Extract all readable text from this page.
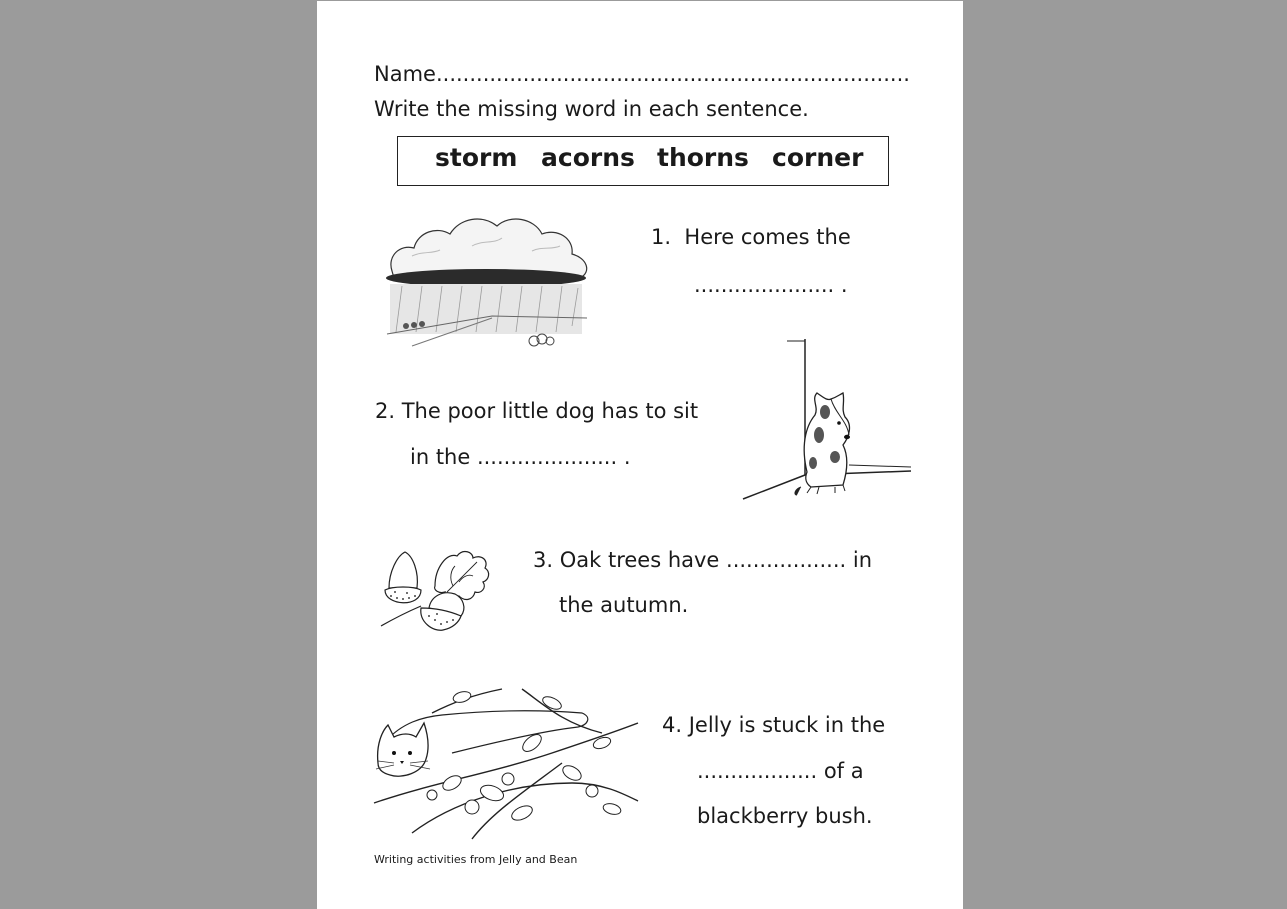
Name.......................................................................
Write the missing word in each sentence.
storm acorns thorns corner
1. Here comes the
..................... .
2. The poor little dog has to sit
in the ..................... .
3. Oak trees have .................. in
the autumn.
4. Jelly is stuck in the
.................. of a
blackberry bush.
Writing activities from Jelly and Bean
